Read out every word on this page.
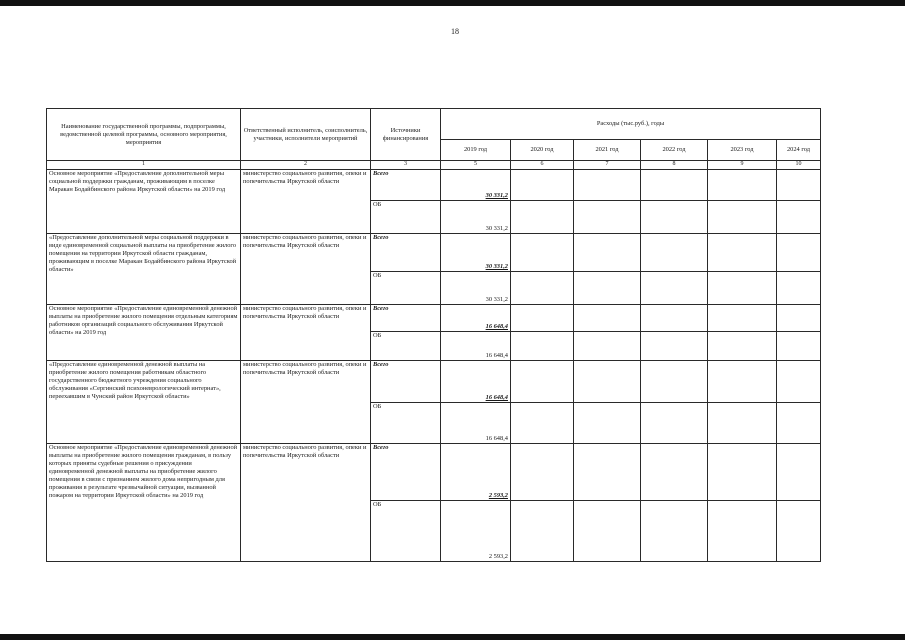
18
Наименование государственной программы, подпрограммы, ведомственной целевой программы, основного мероприятия, мероприятия	Ответственный исполнитель, соисполнитель, участники, исполнители мероприятий	Источники финансирования	Расходы (тыс.руб.), годы					
			2019 год	2020 год	2021 год	2022 год	2023 год	2024 год
1	2	3	5	6	7	8	9	10
Основное мероприятие «Предоставление дополнительной меры социальной поддержки гражданам, проживающим в поселке Маракан Бодайбинского района Иркутской области» на 2019 год	министерство социального развития, опеки и попечительства Иркутской области	Всего	30 331,2					
		ОБ	30 331,2					
«Предоставление дополнительной меры социальной поддержки в виде единовременной социальной выплаты на приобретение жилого помещения на территории Иркутской области гражданам, проживающим в поселке Маракан Бодайбинского района Иркутской области»	министерство социального развития, опеки и попечительства Иркутской области	Всего	30 331,2					
		ОБ	30 331,2					
Основное мероприятие «Предоставление единовременной денежной выплаты на приобретение жилого помещения отдельным категориям работников организаций социального обслуживания Иркутской области» на 2019 год	министерство социального развития, опеки и попечительства Иркутской области	Всего	16 648,4					
		ОБ	16 648,4					
«Предоставление единовременной денежной выплаты на приобретение жилого помещения работникам областного государственного бюджетного учреждения социального обслуживания «Сергинский психоневрологический интернат», переехавшим в Чунский район Иркутской области»	министерство социального развития, опеки и попечительства Иркутской области	Всего	16 648,4					
		ОБ	16 648,4					
Основное мероприятие «Предоставление единовременной денежной выплаты на приобретение жилого помещения гражданам, в пользу которых приняты судебные решения о присуждении единовременной денежной выплаты на приобретение жилого помещения в связи с признанием жилого дома непригодным для проживания в результате чрезвычайной ситуации, вызванной пожаром на территории Иркутской области» на 2019 год	министерство социального развития, опеки и попечительства Иркутской области	Всего	2 593,2					
		ОБ	2 593,2					
